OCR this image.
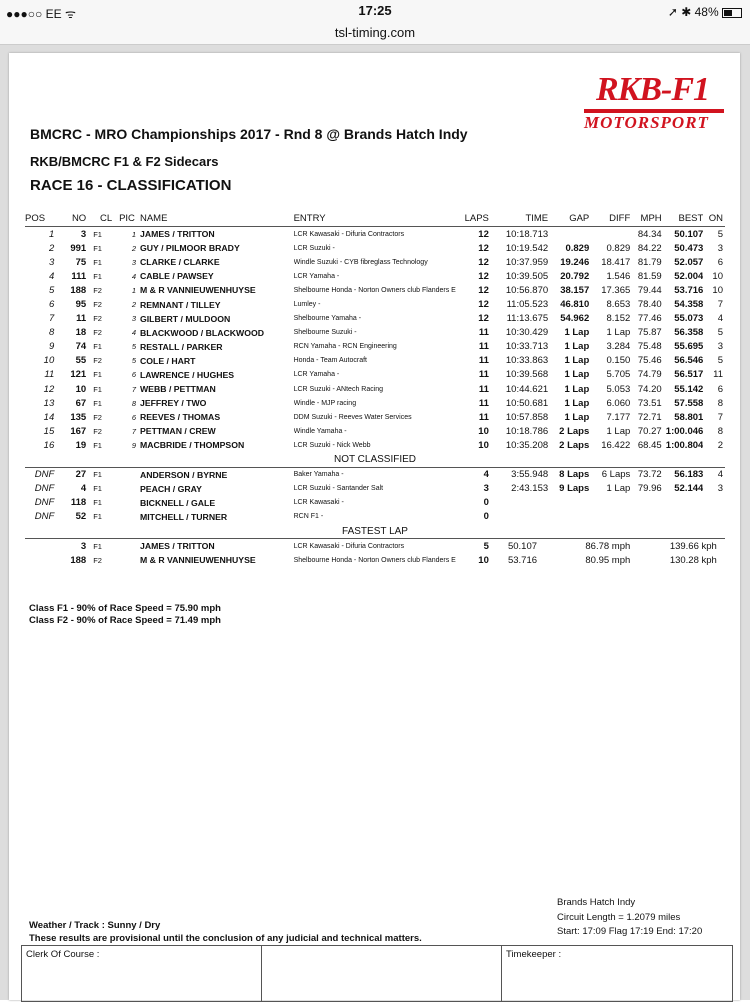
●●●○○ EE ᯤ	17:25	➚ ✱ 48%
tsl-timing.com
RKB-F1
MOTORSPORT
BMCRC - MRO Championships 2017 - Rnd 8 @ Brands Hatch Indy
RKB/BMCRC F1 & F2 Sidecars
RACE 16 - CLASSIFICATION
POS	NO	CL	PIC	NAME	ENTRY	LAPS	TIME	GAP	DIFF	MPH	BEST	ON
1	3	F1	1	JAMES / TRITTON	LCR Kawasaki - Difuria Contractors	12	10:18.713			84.34	50.107	5
2	991	F1	2	GUY / PILMOOR BRADY	LCR Suzuki -	12	10:19.542	0.829	0.829	84.22	50.473	3
3	75	F1	3	CLARKE / CLARKE	Windle Suzuki - CYB fibreglass Technology	12	10:37.959	19.246	18.417	81.79	52.057	6
4	111	F1	4	CABLE / PAWSEY	LCR Yamaha -	12	10:39.505	20.792	1.546	81.59	52.004	10
5	188	F2	1	M & R VANNIEUWENHUYSE	Shelbourne Honda - Norton Owners club Flanders E	12	10:56.870	38.157	17.365	79.44	53.716	10
6	95	F2	2	REMNANT / TILLEY	Lumley -	12	11:05.523	46.810	8.653	78.40	54.358	7
7	11	F2	3	GILBERT / MULDOON	Shelbourne Yamaha -	12	11:13.675	54.962	8.152	77.46	55.073	4
8	18	F2	4	BLACKWOOD / BLACKWOOD	Shelbourne Suzuki -	11	10:30.429	1 Lap	1 Lap	75.87	56.358	5
9	74	F1	5	RESTALL / PARKER	RCN Yamaha - RCN Engineering	11	10:33.713	1 Lap	3.284	75.48	55.695	3
10	55	F2	5	COLE / HART	Honda - Team Autocraft	11	10:33.863	1 Lap	0.150	75.46	56.546	5
11	121	F1	6	LAWRENCE / HUGHES	LCR Yamaha -	11	10:39.568	1 Lap	5.705	74.79	56.517	11
12	10	F1	7	WEBB / PETTMAN	LCR Suzuki - ANtech Racing	11	10:44.621	1 Lap	5.053	74.20	55.142	6
13	67	F1	8	JEFFREY / TWO	Windle - MJP racing	11	10:50.681	1 Lap	6.060	73.51	57.558	8
14	135	F2	6	REEVES / THOMAS	DDM Suzuki - Reeves Water Services	11	10:57.858	1 Lap	7.177	72.71	58.801	7
15	167	F2	7	PETTMAN / CREW	Windle Yamaha -	10	10:18.786	2 Laps	1 Lap	70.27	1:00.046	8
16	19	F1	9	MACBRIDE / THOMPSON	LCR Suzuki - Nick Webb	10	10:35.208	2 Laps	16.422	68.45	1:00.804	2
NOT CLASSIFIED												
DNF	27	F1		ANDERSON / BYRNE	Baker Yamaha -	4	3:55.948	8 Laps	6 Laps	73.72	56.183	4
DNF	4	F1		PEACH / GRAY	LCR Suzuki - Santander Salt	3	2:43.153	9 Laps	1 Lap	79.96	52.144	3
DNF	118	F1		BICKNELL / GALE	LCR Kawasaki -	0						
DNF	52	F1		MITCHELL / TURNER	RCN F1 -	0						
FASTEST LAP												
	3	F1		JAMES / TRITTON	LCR Kawasaki - Difuria Contractors	5	50.107	86.78 mph			139.66 kph	
	188	F2		M & R VANNIEUWENHUYSE	Shelbourne Honda - Norton Owners club Flanders E	10	53.716	80.95 mph			130.28 kph	
Class F1 - 90% of Race Speed = 75.90 mph
Class F2 - 90% of Race Speed = 71.49 mph
Brands Hatch Indy
Circuit Length = 1.2079 miles
Start: 17:09 Flag 17:19 End: 17:20
Weather / Track : Sunny / Dry
These results are provisional until the conclusion of any judicial and technical matters.
Clerk Of Course :	Timekeeper :
